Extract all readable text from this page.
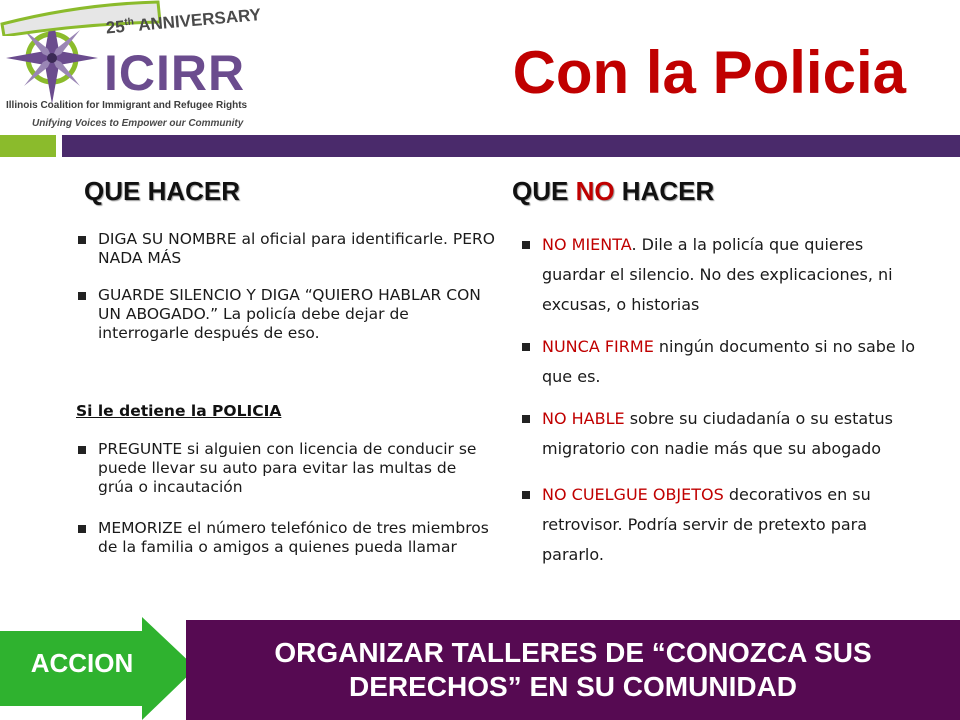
25th ANNIVERSARY
ICIRR
Illinois Coalition for Immigrant and Refugee Rights
Unifying Voices to Empower our Community
Con la Policia
QUE HACER
DIGA SU NOMBRE al oficial para identificarle. PERO NADA MÁS
GUARDE SILENCIO Y DIGA “QUIERO HABLAR CON UN ABOGADO.” La policía debe dejar de interrogarle después de eso.
Si le detiene la POLICIA
PREGUNTE si alguien con licencia de conducir se puede llevar su auto para evitar las multas de grúa o incautación
MEMORIZE el número telefónico de tres miembros de la familia o amigos a quienes pueda llamar
QUE NO HACER
NO MIENTA. Dile a la policía que quieres guardar el silencio. No des explicaciones, ni excusas, o historias
NUNCA FIRME ningún documento si no sabe lo que es.
NO HABLE sobre su ciudadanía o su estatus migratorio con nadie más que su abogado
NO CUELGUE OBJETOS decorativos en su retrovisor. Podría servir de pretexto para pararlo.
ACCION	ORGANIZAR TALLERES DE “CONOZCA SUS DERECHOS” EN SU COMUNIDAD
